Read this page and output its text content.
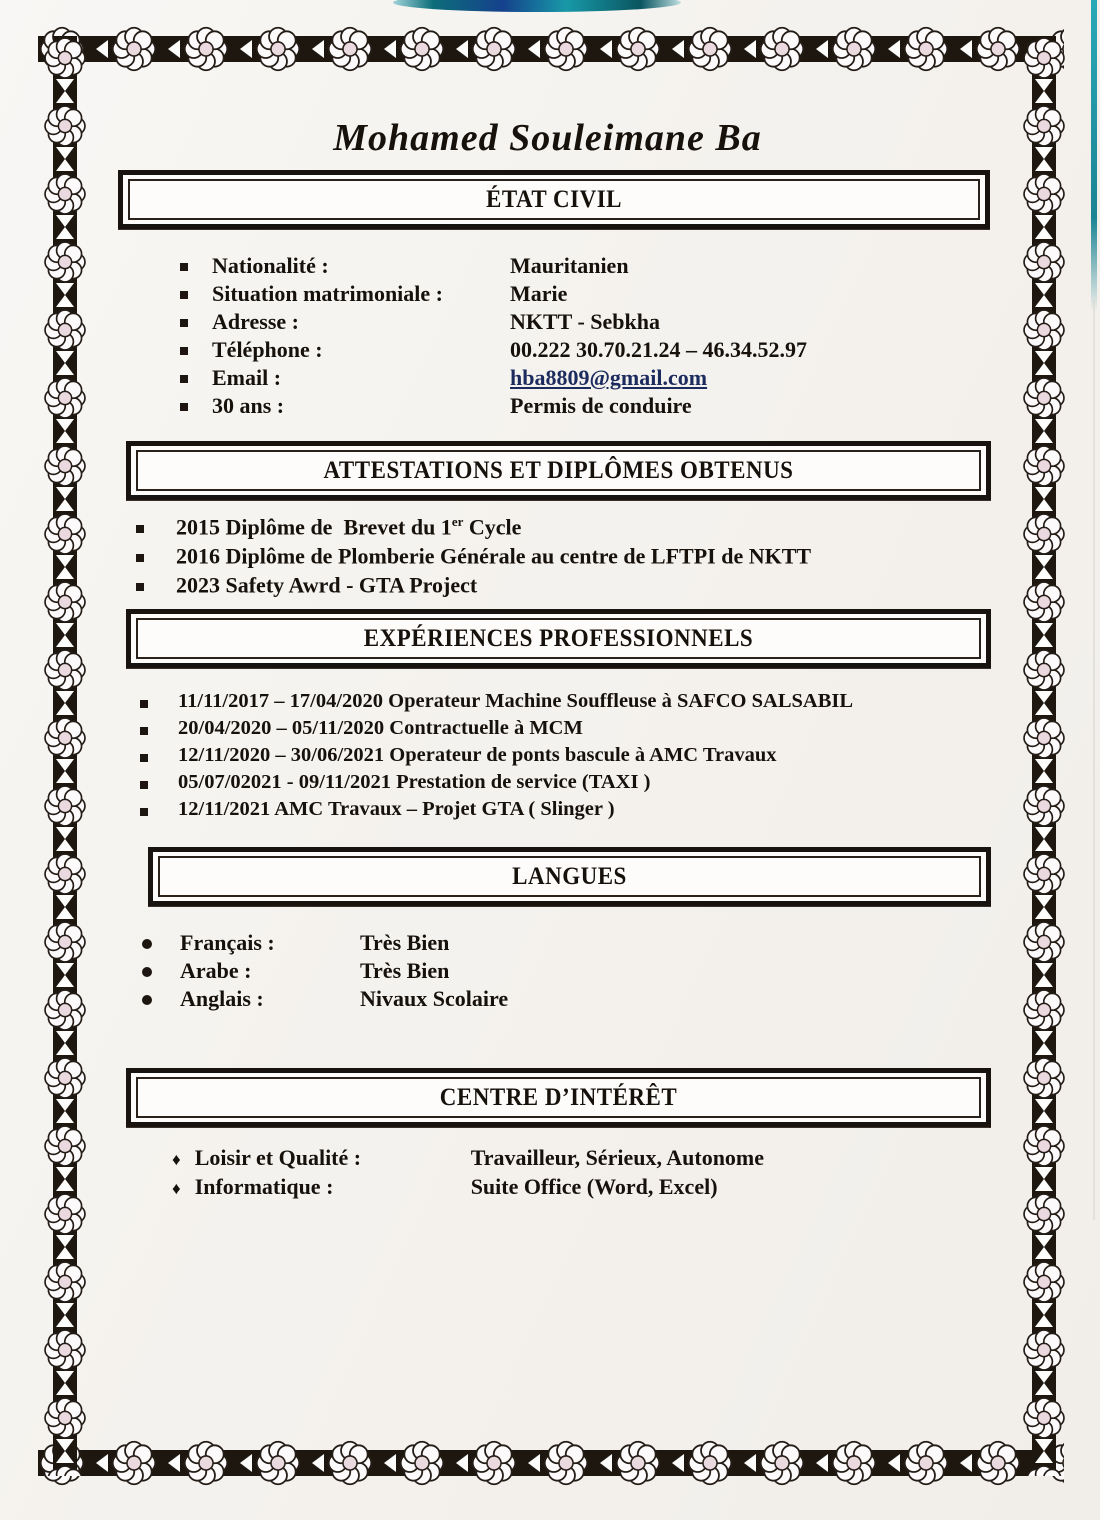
Mohamed Souleimane Ba
ÉTAT CIVIL
Nationalité :	Mauritanien
Situation matrimoniale :	Marie
Adresse :	NKTT - Sebkha
Téléphone :	00.222 30.70.21.24 – 46.34.52.97
Email :	hba8809@gmail.com
30 ans :	Permis de conduire
ATTESTATIONS ET DIPLÔMES OBTENUS
2015 Diplôme de  Brevet du 1er Cycle
2016 Diplôme de Plomberie Générale au centre de LFTPI de NKTT
2023 Safety Awrd - GTA Project
EXPÉRIENCES PROFESSIONNELS
11/11/2017 – 17/04/2020 Operateur Machine Souffleuse à SAFCO SALSABIL
20/04/2020 – 05/11/2020 Contractuelle à MCM
12/11/2020 – 30/06/2021 Operateur de ponts bascule à AMC Travaux
05/07/02021 - 09/11/2021 Prestation de service (TAXI )
12/11/2021 AMC Travaux – Projet GTA ( Slinger )
LANGUES
Français :	Très Bien
Arabe :	Très Bien
Anglais :	Nivaux Scolaire
CENTRE D’INTÉRÊT
♦ Loisir et Qualité :	Travailleur, Sérieux, Autonome
♦ Informatique :	Suite Office (Word, Excel)
